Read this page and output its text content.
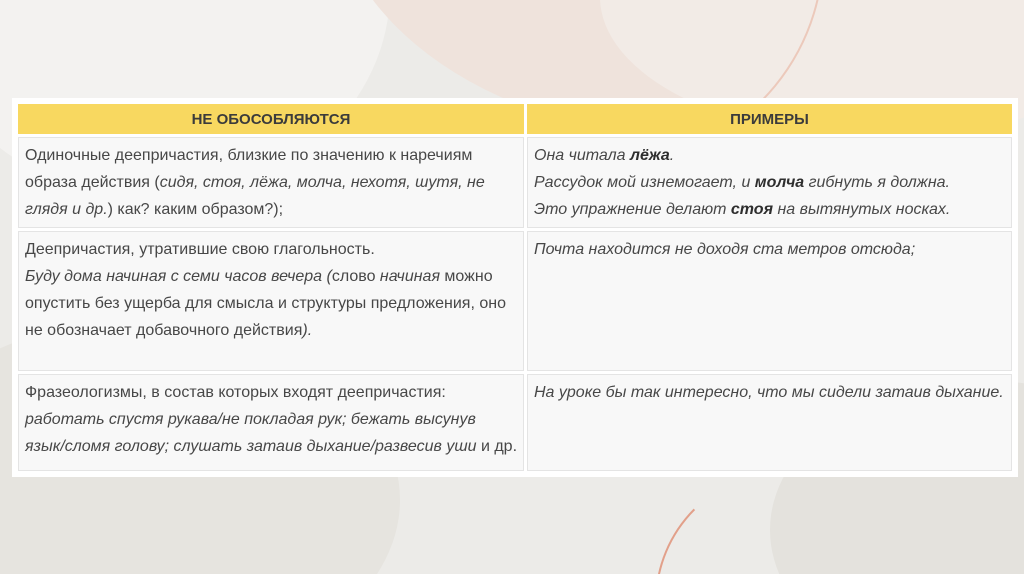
НЕ ОБОСОБЛЯЮТСЯ	ПРИМЕРЫ
Одиночные деепричастия, близкие по значению к наречиям образа действия (сидя, стоя, лёжа, молча, нехотя, шутя, не глядя и др.) как? каким образом?);	Она читала лёжа.
Рассудок мой изнемогает, и молча гибнуть я должна.
Это упражнение делают стоя на вытянутых носках.

Деепричастия, утратившие свою глагольность.
Буду дома начиная с семи часов вечера (слово начиная можно опустить без ущерба для смысла и структуры предложения, оно не обозначает добавочного действия).	Почта находится не доходя ста метров отсюда;
Фразеологизмы, в состав которых входят деепричастия: работать спустя рукава/не покладая рук; бежать высунув язык/сломя голову; слушать затаив дыхание/развесив уши и др.	На уроке бы так интересно, что мы сидели затаив дыхание.
